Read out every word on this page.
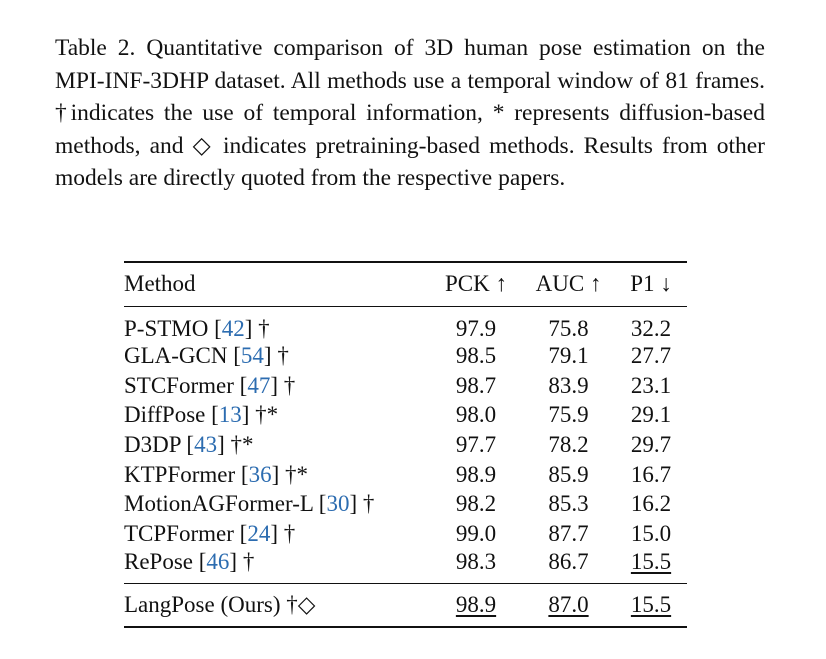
Table 2. Quantitative comparison of 3D human pose estimation on the MPI-INF-3DHP dataset. All methods use a temporal window of 81 frames. †indicates the use of temporal information, * represents diffusion-based methods, and ◇ indicates pretraining-based methods. Results from other models are directly quoted from the respective papers.
Method	PCK ↑	AUC ↑	P1 ↓
P-STMO [42] †	97.9	75.8	32.2
GLA-GCN [54] †	98.5	79.1	27.7
STCFormer [47] †	98.7	83.9	23.1
DiffPose [13] †*	98.0	75.9	29.1
D3DP [43] †*	97.7	78.2	29.7
KTPFormer [36] †*	98.9	85.9	16.7
MotionAGFormer-L [30] †	98.2	85.3	16.2
TCPFormer [24] †	99.0	87.7	15.0
RePose [46] †	98.3	86.7	15.5
LangPose (Ours) †◇	98.9	87.0	15.5
